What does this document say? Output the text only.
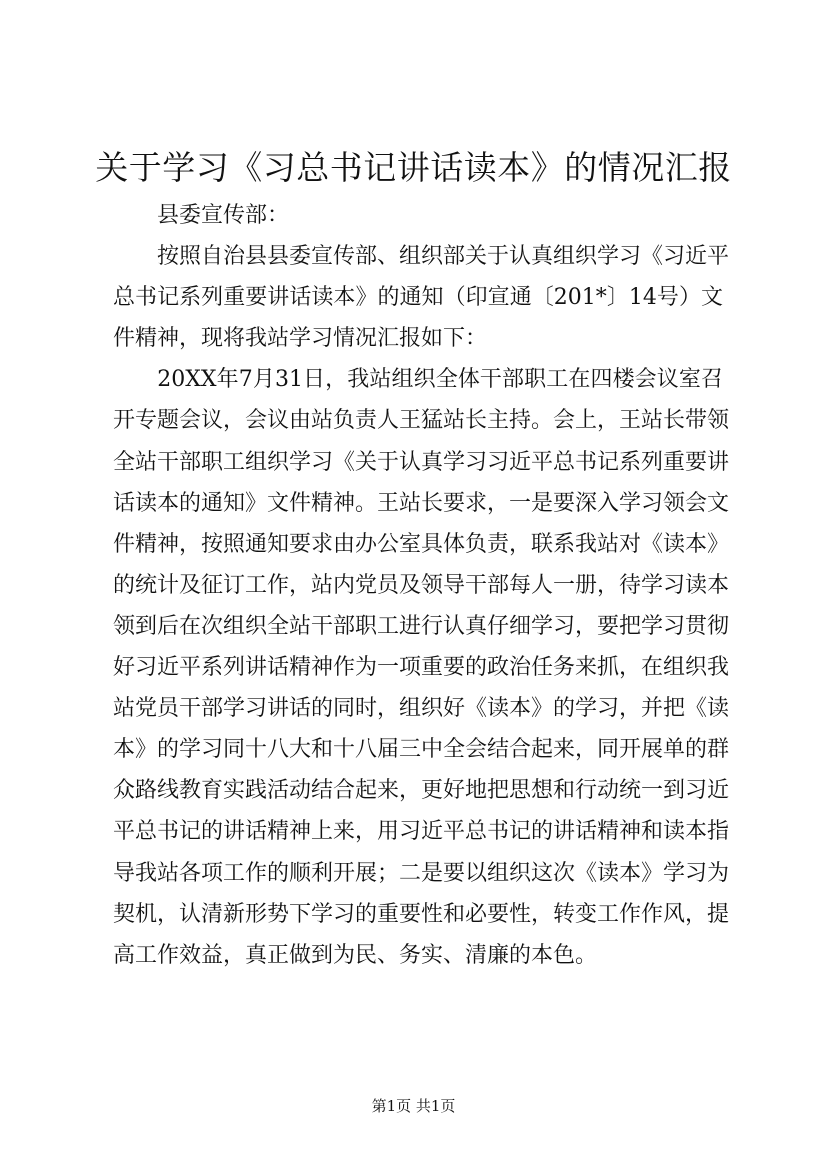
关于学习《习总书记讲话读本》的情况汇报
　　县委宣传部：
　　按照自治县县委宣传部、组织部关于认真组织学习《习近平
总书记系列重要讲话读本》的通知（印宣通〔201*〕14号）文
件精神，现将我站学习情况汇报如下：
　　20XX年7月31日，我站组织全体干部职工在四楼会议室召
开专题会议，会议由站负责人王猛站长主持。会上，王站长带领
全站干部职工组织学习《关于认真学习习近平总书记系列重要讲
话读本的通知》文件精神。王站长要求，一是要深入学习领会文
件精神，按照通知要求由办公室具体负责，联系我站对《读本》
的统计及征订工作，站内党员及领导干部每人一册，待学习读本
领到后在次组织全站干部职工进行认真仔细学习，要把学习贯彻
好习近平系列讲话精神作为一项重要的政治任务来抓，在组织我
站党员干部学习讲话的同时，组织好《读本》的学习，并把《读
本》的学习同十八大和十八届三中全会结合起来，同开展单的群
众路线教育实践活动结合起来，更好地把思想和行动统一到习近
平总书记的讲话精神上来，用习近平总书记的讲话精神和读本指
导我站各项工作的顺利开展；二是要以组织这次《读本》学习为
契机，认清新形势下学习的重要性和必要性，转变工作作风，提
高工作效益，真正做到为民、务实、清廉的本色。
第1页 共1页
